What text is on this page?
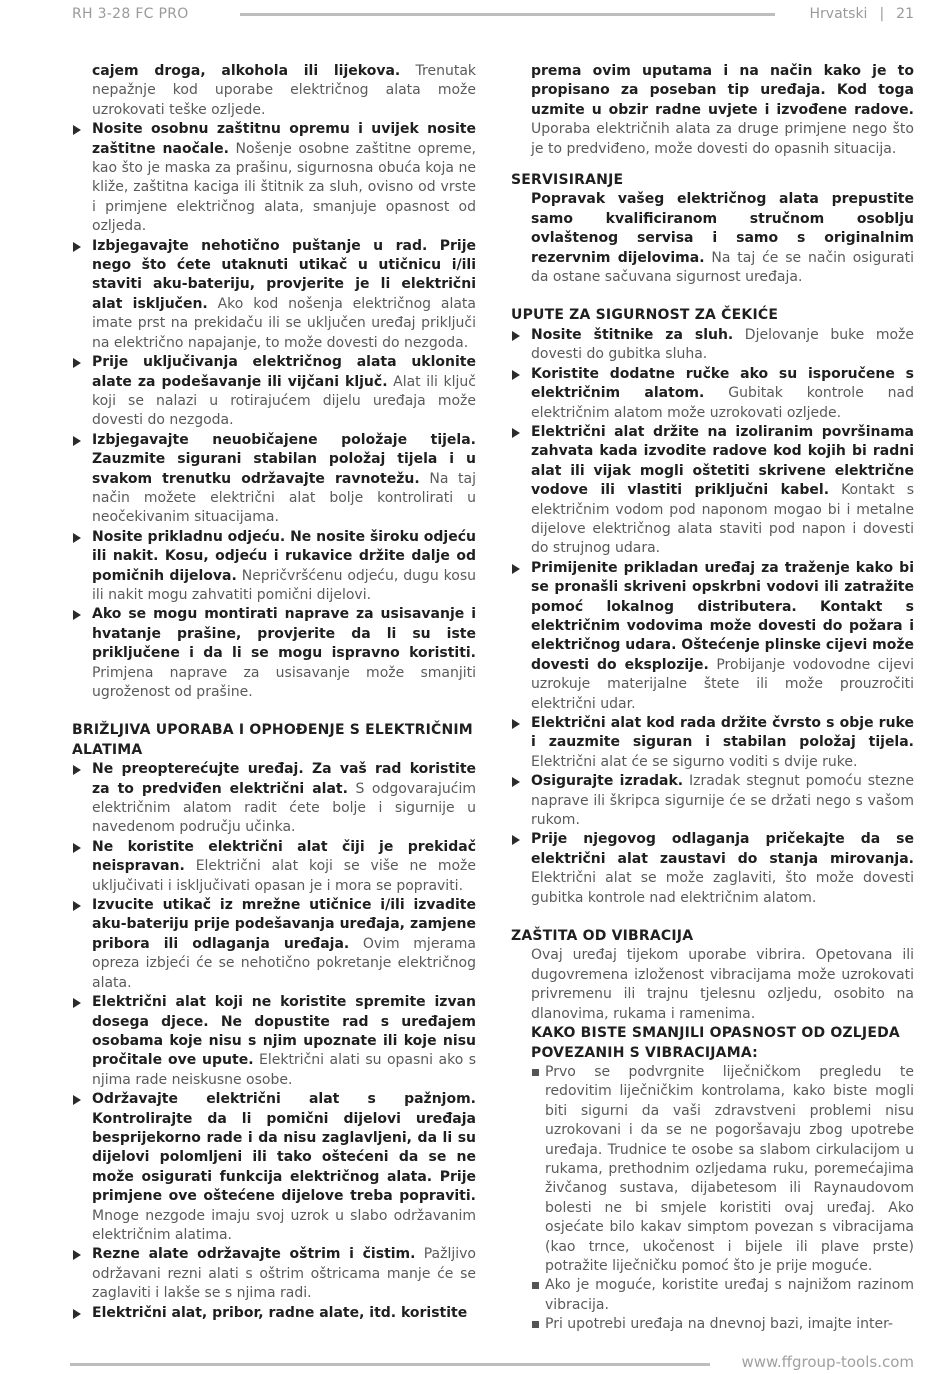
RH 3-28 FC PRO	Hrvatski | 21
cajem droga, alkohola ili lijekova. Trenutak nepažnje kod uporabe električnog alata može uzrokovati teške ozljede.
Nosite osobnu zaštitnu opremu i uvijek nosite zaštitne naočale. Nošenje osobne zaštitne opreme, kao što je maska za prašinu, sigurnosna obuća koja ne kliže, zaštitna kaciga ili štitnik za sluh, ovisno od vrste i primjene električnog alata, smanjuje opasnost od ozljeda.
Izbjegavajte nehotično puštanje u rad. Prije nego što ćete utaknuti utikač u utičnicu i/ili staviti aku-bateriju, provjerite je li električni alat isključen. Ako kod nošenja električnog alata imate prst na prekidaču ili se uključen uređaj priključi na električno napajanje, to može dovesti do nezgoda.
Prije uključivanja električnog alata uklonite alate za podešavanje ili vijčani ključ. Alat ili ključ koji se nalazi u rotirajućem dijelu uređaja može dovesti do nezgoda.
Izbjegavajte neuobičajene položaje tijela. Zauzmite sigurani stabilan položaj tijela i u svakom trenutku održavajte ravnotežu. Na taj način možete električni alat bolje kontrolirati u neočekivanim situacijama.
Nosite prikladnu odjeću. Ne nosite široku odjeću ili nakit. Kosu, odjeću i rukavice držite dalje od pomičnih dijelova. Nepričvršćenu odjeću, dugu kosu ili nakit mogu zahvatiti pomični dijelovi.
Ako se mogu montirati naprave za usisavanje i hvatanje prašine, provjerite da li su iste priključene i da li se mogu ispravno koristiti. Primjena naprave za usisavanje može smanjiti ugroženost od prašine.
BRIŽLJIVA UPORABA I OPHOĐENJE S ELEKTRIČNIM ALATIMA
Ne preopterećujte uređaj. Za vaš rad koristite za to predviđen električni alat. S odgovarajućim električnim alatom radit ćete bolje i sigurnije u navedenom području učinka.
Ne koristite električni alat čiji je prekidač neispravan. Električni alat koji se više ne može uključivati i isključivati opasan je i mora se popraviti.
Izvucite utikač iz mrežne utičnice i/ili izvadite aku-bateriju prije podešavanja uređaja, zamjene pribora ili odlaganja uređaja. Ovim mjerama opreza izbjeći će se nehotično pokretanje električnog alata.
Električni alat koji ne koristite spremite izvan dosega djece. Ne dopustite rad s uređajem osobama koje nisu s njim upoznate ili koje nisu pročitale ove upute. Električni alati su opasni ako s njima rade neiskusne osobe.
Održavajte električni alat s pažnjom. Kontrolirajte da li pomični dijelovi uređaja besprijekorno rade i da nisu zaglavljeni, da li su dijelovi polomljeni ili tako oštećeni da se ne može osigurati funkcija električnog alata. Prije primjene ove oštećene dijelove treba popraviti. Mnoge nezgode imaju svoj uzrok u slabo održavanim električnim alatima.
Rezne alate održavajte oštrim i čistim. Pažljivo održavani rezni alati s oštrim oštricama manje će se zaglaviti i lakše se s njima radi.
Električni alat, pribor, radne alate, itd. koristite
prema ovim uputama i na način kako je to propisano za poseban tip uređaja. Kod toga uzmite u obzir radne uvjete i izvođene radove. Uporaba električnih alata za druge primjene nego što je to predviđeno, može dovesti do opasnih situacija.
SERVISIRANJE
Popravak vašeg električnog alata prepustite samo kvalificiranom stručnom osoblju ovlaštenog servisa i samo s originalnim rezervnim dijelovima. Na taj će se način osigurati da ostane sačuvana sigurnost uređaja.
UPUTE ZA SIGURNOST ZA ČEKIĆE
Nosite štitnike za sluh. Djelovanje buke može dovesti do gubitka sluha.
Koristite dodatne ručke ako su isporučene s električnim alatom. Gubitak kontrole nad električnim alatom može uzrokovati ozljede.
Električni alat držite na izoliranim površinama zahvata kada izvodite radove kod kojih bi radni alat ili vijak mogli oštetiti skrivene električne vodove ili vlastiti priključni kabel. Kontakt s električnim vodom pod naponom mogao bi i metalne dijelove električnog alata staviti pod napon i dovesti do strujnog udara.
Primijenite prikladan uređaj za traženje kako bi se pronašli skriveni opskrbni vodovi ili zatražite pomoć lokalnog distributera. Kontakt s električnim vodovima može dovesti do požara i električnog udara. Oštećenje plinske cijevi može dovesti do eksplozije. Probijanje vodovodne cijevi uzrokuje materijalne štete ili može prouzročiti električni udar.
Električni alat kod rada držite čvrsto s obje ruke i zauzmite siguran i stabilan položaj tijela. Električni alat će se sigurno voditi s dvije ruke.
Osigurajte izradak. Izradak stegnut pomoću stezne naprave ili škripca sigurnije će se držati nego s vašom rukom.
Prije njegovog odlaganja pričekajte da se električni alat zaustavi do stanja mirovanja. Električni alat se može zaglaviti, što može dovesti gubitka kontrole nad električnim alatom.
ZAŠTITA OD VIBRACIJA
Ovaj uređaj tijekom uporabe vibrira. Opetovana ili dugovremena izloženost vibracijama može uzrokovati privremenu ili trajnu tjelesnu ozljedu, osobito na dlanovima, rukama i ramenima.
KAKO BISTE SMANJILI OPASNOST OD OZLJEDA POVEZANIH S VIBRACIJAMA:
Prvo se podvrgnite liječničkom pregledu te redovitim liječničkim kontrolama, kako biste mogli biti sigurni da vaši zdravstveni problemi nisu uzrokovani i da se ne pogoršavaju zbog upotrebe uređaja. Trudnice te osobe sa slabom cirkulacijom u rukama, prethodnim ozljedama ruku, poremećajima živčanog sustava, dijabetesom ili Raynaudovom bolesti ne bi smjele koristiti ovaj uređaj. Ako osjećate bilo kakav simptom povezan s vibracijama (kao trnce, ukočenost i bijele ili plave prste) potražite liječničku pomoć što je prije moguće.
Ako je moguće, koristite uređaj s najnižom razinom vibracija.
Pri upotrebi uređaja na dnevnoj bazi, imajte inter-
www.ffgroup-tools.com
